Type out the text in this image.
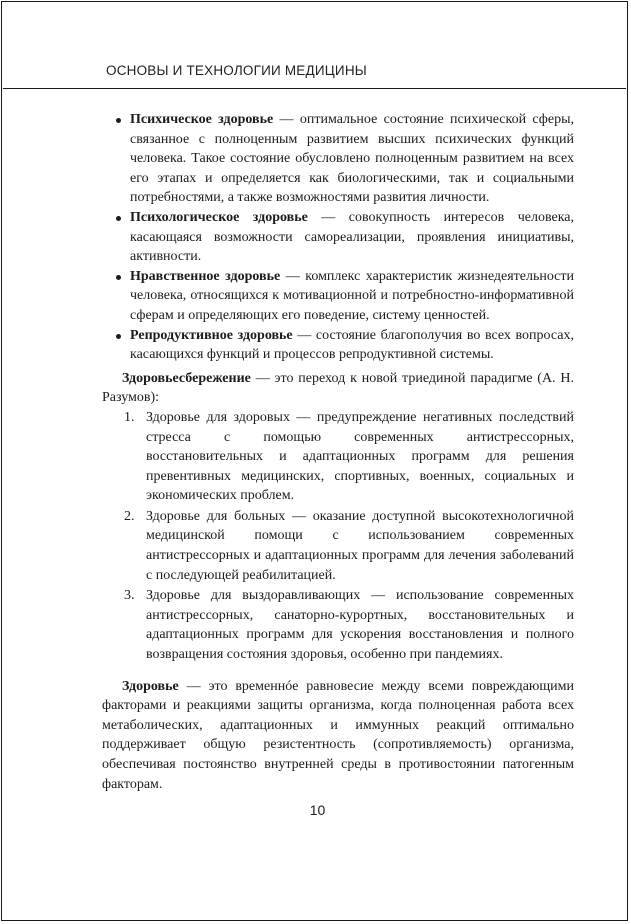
ОСНОВЫ И ТЕХНОЛОГИИ МЕДИЦИНЫ
Психическое здоровье — оптимальное состояние психической сферы, связанное с полноценным развитием высших психических функций человека. Такое состояние обусловлено полноценным развитием на всех его этапах и определяется как биологическими, так и социальными потребностями, а также возможностями развития личности.
Психологическое здоровье — совокупность интересов человека, касающаяся возможности самореализации, проявления инициативы, активности.
Нравственное здоровье — комплекс характеристик жизнедеятельности человека, относящихся к мотивационной и потребностно-информативной сферам и определяющих его поведение, систему ценностей.
Репродуктивное здоровье — состояние благополучия во всех вопросах, касающихся функций и процессов репродуктивной системы.

Здоровьесбережение — это переход к новой триединой парадигме (А. Н. Разумов):

1. Здоровье для здоровых — предупреждение негативных последствий стресса с помощью современных антистрессорных, восстановительных и адаптационных программ для решения превентивных медицинских, спортивных, военных, социальных и экономических проблем.
2. Здоровье для больных — оказание доступной высокотехнологичной медицинской помощи с использованием современных антистрессорных и адаптационных программ для лечения заболеваний с последующей реабилитацией.
3. Здоровье для выздоравливающих — использование современных антистрессорных, санаторно-курортных, восстановительных и адаптационных программ для ускорения восстановления и полного возвращения состояния здоровья, особенно при пандемиях.

Здоровье — это временнóе равновесие между всеми повреждающими факторами и реакциями защиты организма, когда полноценная работа всех метаболических, адаптационных и иммунных реакций оптимально поддерживает общую резистентность (сопротивляемость) организма, обеспечивая постоянство внутренней среды в противостоянии патогенным факторам.

10
